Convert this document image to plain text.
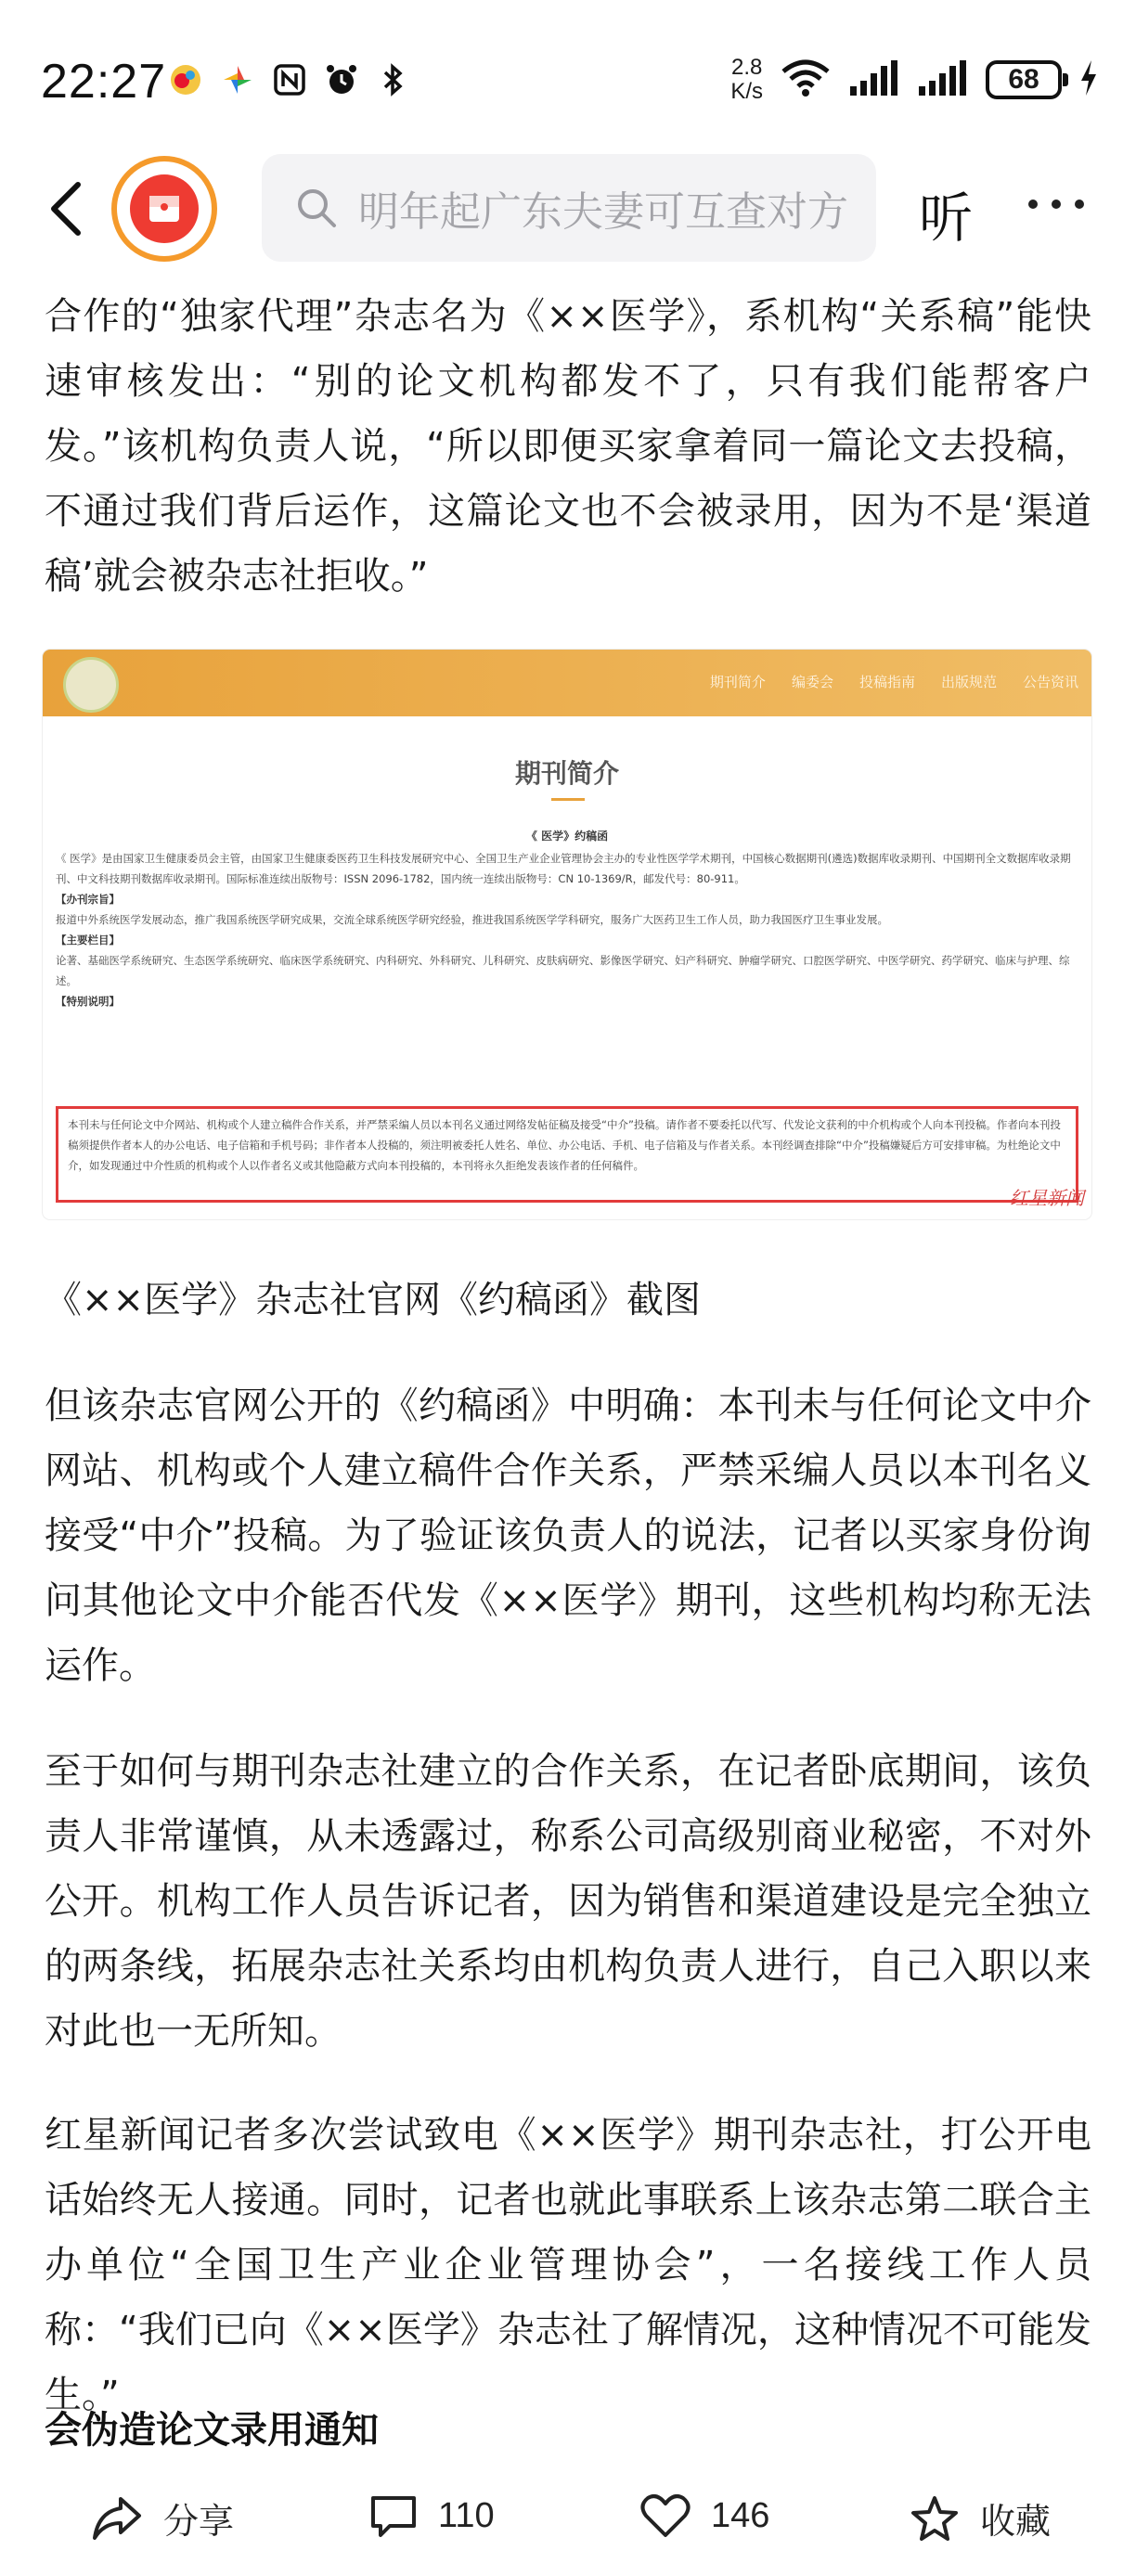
22:27	2.8
K/s	68
明年起广东夫妻可互查对方 听
合作的“独家代理”杂志名为《××医学》，系机构“关系稿”能快速审核发出：“别的论文机构都发不了，只有我们能帮客户发。”该机构负责人说，“所以即便买家拿着同一篇论文去投稿，不通过我们背后运作，这篇论文也不会被录用，因为不是‘渠道稿’就会被杂志社拒收。”
期刊简介 编委会 投稿指南 出版规范 公告资讯
期刊简介
《 医学》约稿函
《 医学》是由国家卫生健康委员会主管，由国家卫生健康委医药卫生科技发展研究中心、全国卫生产业企业管理协会主办的专业性医学学术期刊，中国核心数据期刊(遴选)数据库收录期刊、中国期刊全文数据库收录期刊、中文科技期刊数据库收录期刊。国际标准连续出版物号：ISSN 2096-1782，国内统一连续出版物号：CN 10-1369/R，邮发代号：80-911。
【办刊宗旨】
报道中外系统医学发展动态，推广我国系统医学研究成果，交流全球系统医学研究经验，推进我国系统医学学科研究，服务广大医药卫生工作人员，助力我国医疗卫生事业发展。
【主要栏目】
论著、基础医学系统研究、生态医学系统研究、临床医学系统研究、内科研究、外科研究、儿科研究、皮肤病研究、影像医学研究、妇产科研究、肿瘤学研究、口腔医学研究、中医学研究、药学研究、临床与护理、综述。
【特别说明】
本刊未与任何论文中介网站、机构或个人建立稿件合作关系，并严禁采编人员以本刊名义通过网络发帖征稿及接受“中介”投稿。请作者不要委托以代写、代发论文获利的中介机构或个人向本刊投稿。作者向本刊投稿须提供作者本人的办公电话、电子信箱和手机号码；非作者本人投稿的，须注明被委托人姓名、单位、办公电话、手机、电子信箱及与作者关系。本刊经调查排除“中介”投稿嫌疑后方可安排审稿。为杜绝论文中介，如发现通过中介性质的机构或个人以作者名义或其他隐蔽方式向本刊投稿的，本刊将永久拒绝发表该作者的任何稿件。
红星新闻
《××医学》杂志社官网《约稿函》截图
但该杂志官网公开的《约稿函》中明确：本刊未与任何论文中介网站、机构或个人建立稿件合作关系，严禁采编人员以本刊名义接受“中介”投稿。为了验证该负责人的说法，记者以买家身份询问其他论文中介能否代发《××医学》期刊，这些机构均称无法运作。
至于如何与期刊杂志社建立的合作关系，在记者卧底期间，该负责人非常谨慎，从未透露过，称系公司高级别商业秘密，不对外公开。机构工作人员告诉记者，因为销售和渠道建设是完全独立的两条线，拓展杂志社关系均由机构负责人进行，自己入职以来对此也一无所知。
红星新闻记者多次尝试致电《××医学》期刊杂志社，打公开电话始终无人接通。同时，记者也就此事联系上该杂志第二联合主办单位“全国卫生产业企业管理协会”，一名接线工作人员称：“我们已向《××医学》杂志社了解情况，这种情况不可能发生。”
会伪造论文录用通知
分享	110	146	收藏
